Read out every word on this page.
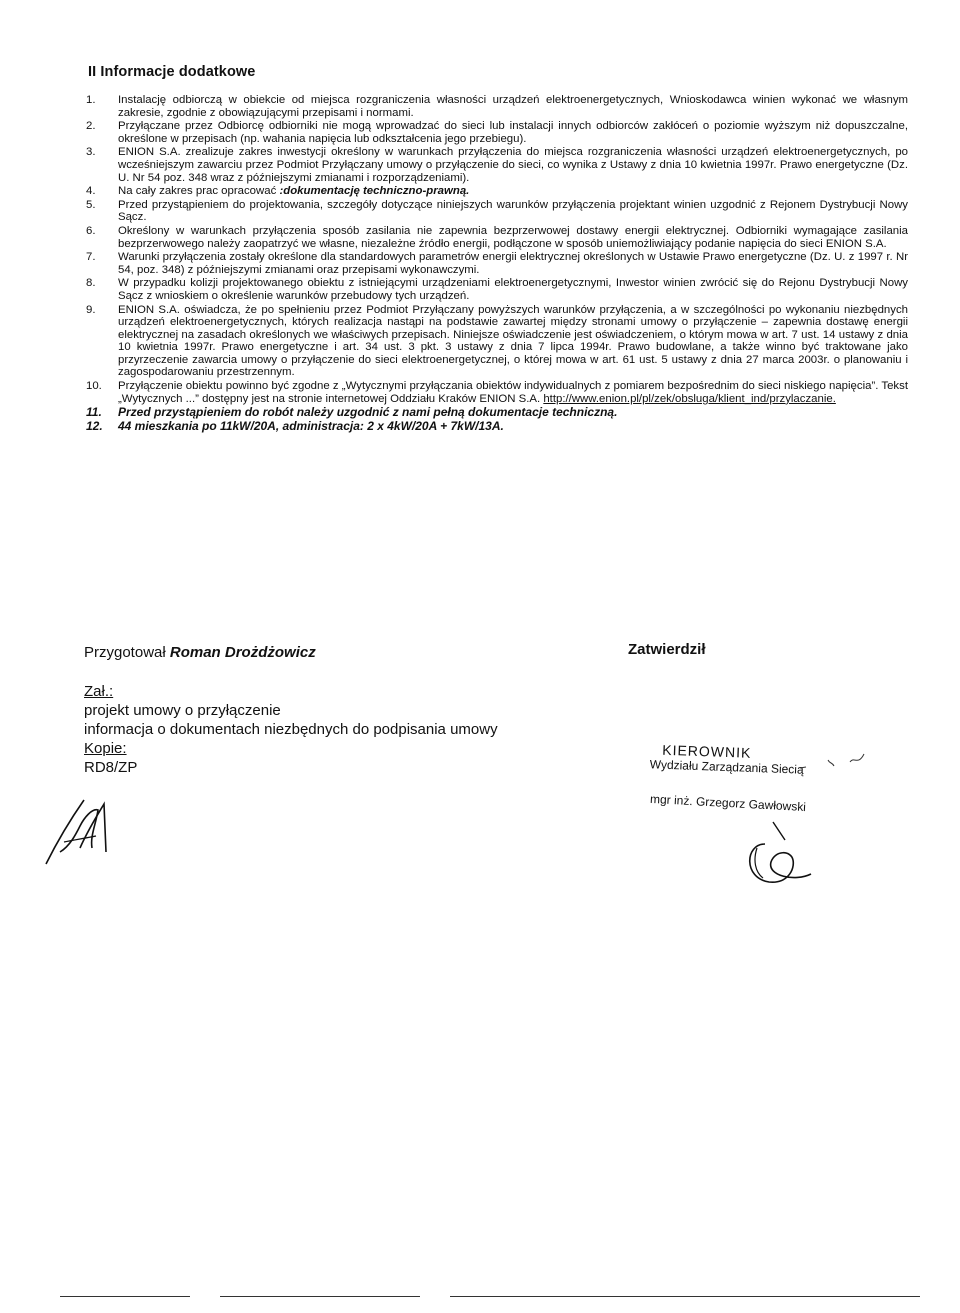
II Informacje dodatkowe
1.	Instalację odbiorczą w obiekcie od miejsca rozgraniczenia własności urządzeń elektroenergetycznych, Wnioskodawca winien wykonać we własnym zakresie, zgodnie z obowiązującymi przepisami i normami.
2.	Przyłączane przez Odbiorcę odbiorniki nie mogą wprowadzać do sieci lub instalacji innych odbiorców zakłóceń o poziomie wyższym niż dopuszczalne, określone w przepisach (np. wahania napięcia lub odkształcenia jego przebiegu).
3.	ENION S.A. zrealizuje zakres inwestycji określony w warunkach przyłączenia do miejsca rozgraniczenia własności urządzeń elektroenergetycznych, po wcześniejszym zawarciu przez Podmiot Przyłączany umowy o przyłączenie do sieci, co wynika z Ustawy z dnia 10 kwietnia 1997r. Prawo energetyczne (Dz. U. Nr 54 poz. 348 wraz z późniejszymi zmianami i rozporządzeniami).
4.	Na cały zakres prac opracować :dokumentację techniczno-prawną.
5.	Przed przystąpieniem do projektowania, szczegóły dotyczące niniejszych warunków przyłączenia projektant winien uzgodnić z Rejonem Dystrybucji Nowy Sącz.
6.	Określony w warunkach przyłączenia sposób zasilania nie zapewnia bezprzerwowej dostawy energii elektrycznej. Odbiorniki wymagające zasilania bezprzerwowego należy zaopatrzyć we własne, niezależne źródło energii, podłączone w sposób uniemożliwiający podanie napięcia do sieci ENION S.A.
7.	Warunki przyłączenia zostały określone dla standardowych parametrów energii elektrycznej określonych w Ustawie Prawo energetyczne (Dz. U. z 1997 r. Nr 54, poz. 348) z późniejszymi zmianami oraz przepisami wykonawczymi.
8.	W przypadku kolizji projektowanego obiektu z istniejącymi urządzeniami elektroenergetycznymi, Inwestor winien zwrócić się do Rejonu Dystrybucji Nowy Sącz z wnioskiem o określenie warunków przebudowy tych urządzeń.
9.	ENION S.A. oświadcza, że po spełnieniu przez Podmiot Przyłączany powyższych warunków przyłączenia, a w szczególności po wykonaniu niezbędnych urządzeń elektroenergetycznych, których realizacja nastąpi na podstawie zawartej między stronami umowy o przyłączenie – zapewnia dostawę energii elektrycznej na zasadach określonych we właściwych przepisach. Niniejsze oświadczenie jest oświadczeniem, o którym mowa w art. 7 ust. 14 ustawy z dnia 10 kwietnia 1997r. Prawo energetyczne i art. 34 ust. 3 pkt. 3 ustawy z dnia 7 lipca 1994r. Prawo budowlane, a także winno być traktowane jako przyrzeczenie zawarcia umowy o przyłączenie do sieci elektroenergetycznej, o której mowa w art. 61 ust. 5 ustawy z dnia 27 marca 2003r. o planowaniu i zagospodarowaniu przestrzennym.
10.	Przyłączenie obiektu powinno być zgodne z „Wytycznymi przyłączania obiektów indywidualnych z pomiarem bezpośrednim do sieci niskiego napięcia”. Tekst „Wytycznych ...” dostępny jest na stronie internetowej Oddziału Kraków ENION S.A. http://www.enion.pl/pl/zek/obsluga/klient_ind/przylaczanie.
11.	Przed przystąpieniem do robót należy uzgodnić z nami pełną dokumentacje techniczną.
12.	44 mieszkania po 11kW/20A, administracja: 2 x 4kW/20A + 7kW/13A.
Przygotował Roman Drożdżowicz	Zatwierdził
Zał.:
projekt umowy o przyłączenie
informacja o dokumentach niezbędnych do podpisania umowy
Kopie:
RD8/ZP
KIEROWNIK
Wydziału Zarządzania Siecią
mgr inż. Grzegorz Gawłowski
